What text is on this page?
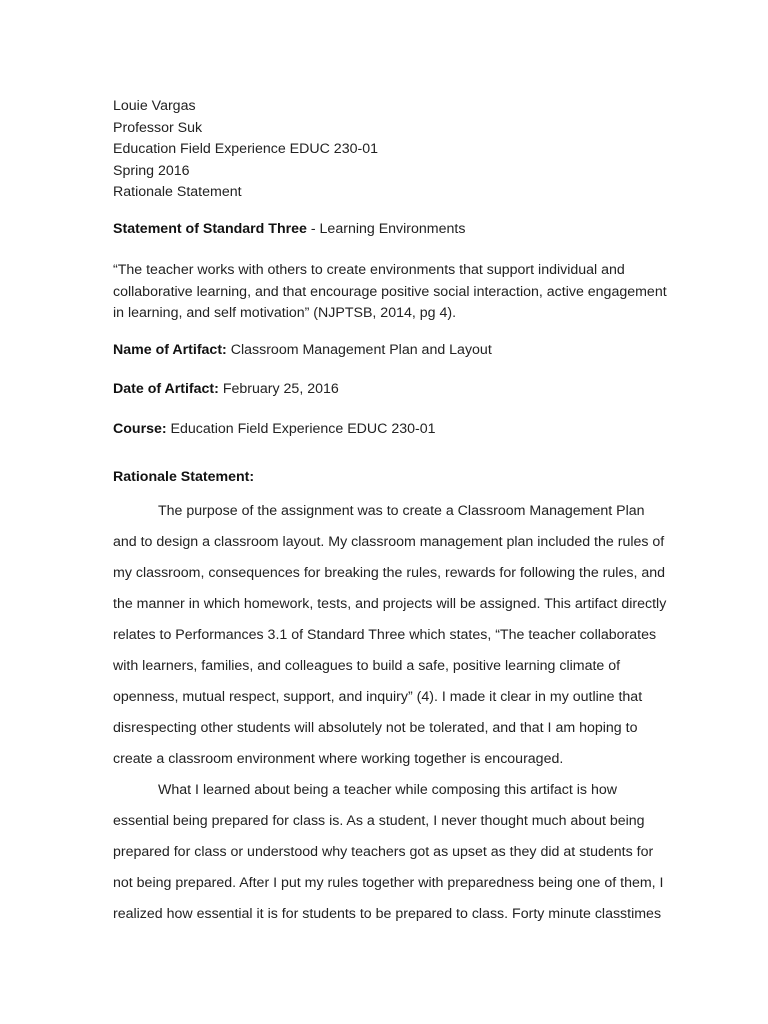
Louie Vargas
Professor Suk
Education Field Experience EDUC 230-01
Spring 2016
Rationale Statement
Statement of Standard Three - Learning Environments
“The teacher works with others to create environments that support individual and
collaborative learning, and that encourage positive social interaction, active engagement
in learning, and self motivation” (NJPTSB, 2014, pg 4).
Name of Artifact: Classroom Management Plan and Layout
Date of Artifact: February 25, 2016
Course: Education Field Experience EDUC 230-01
Rationale Statement:
The purpose of the assignment was to create a Classroom Management Plan
and to design a classroom layout. My classroom management plan included the rules of
my classroom, consequences for breaking the rules, rewards for following the rules, and
the manner in which homework, tests, and projects will be assigned. This artifact directly
relates to Performances 3.1 of Standard Three which states, “The teacher collaborates
with learners, families, and colleagues to build a safe, positive learning climate of
openness, mutual respect, support, and inquiry” (4). I made it clear in my outline that
disrespecting other students will absolutely not be tolerated, and that I am hoping to
create a classroom environment where working together is encouraged.
What I learned about being a teacher while composing this artifact is how
essential being prepared for class is. As a student, I never thought much about being
prepared for class or understood why teachers got as upset as they did at students for
not being prepared. After I put my rules together with preparedness being one of them, I
realized how essential it is for students to be prepared to class. Forty minute classtimes
